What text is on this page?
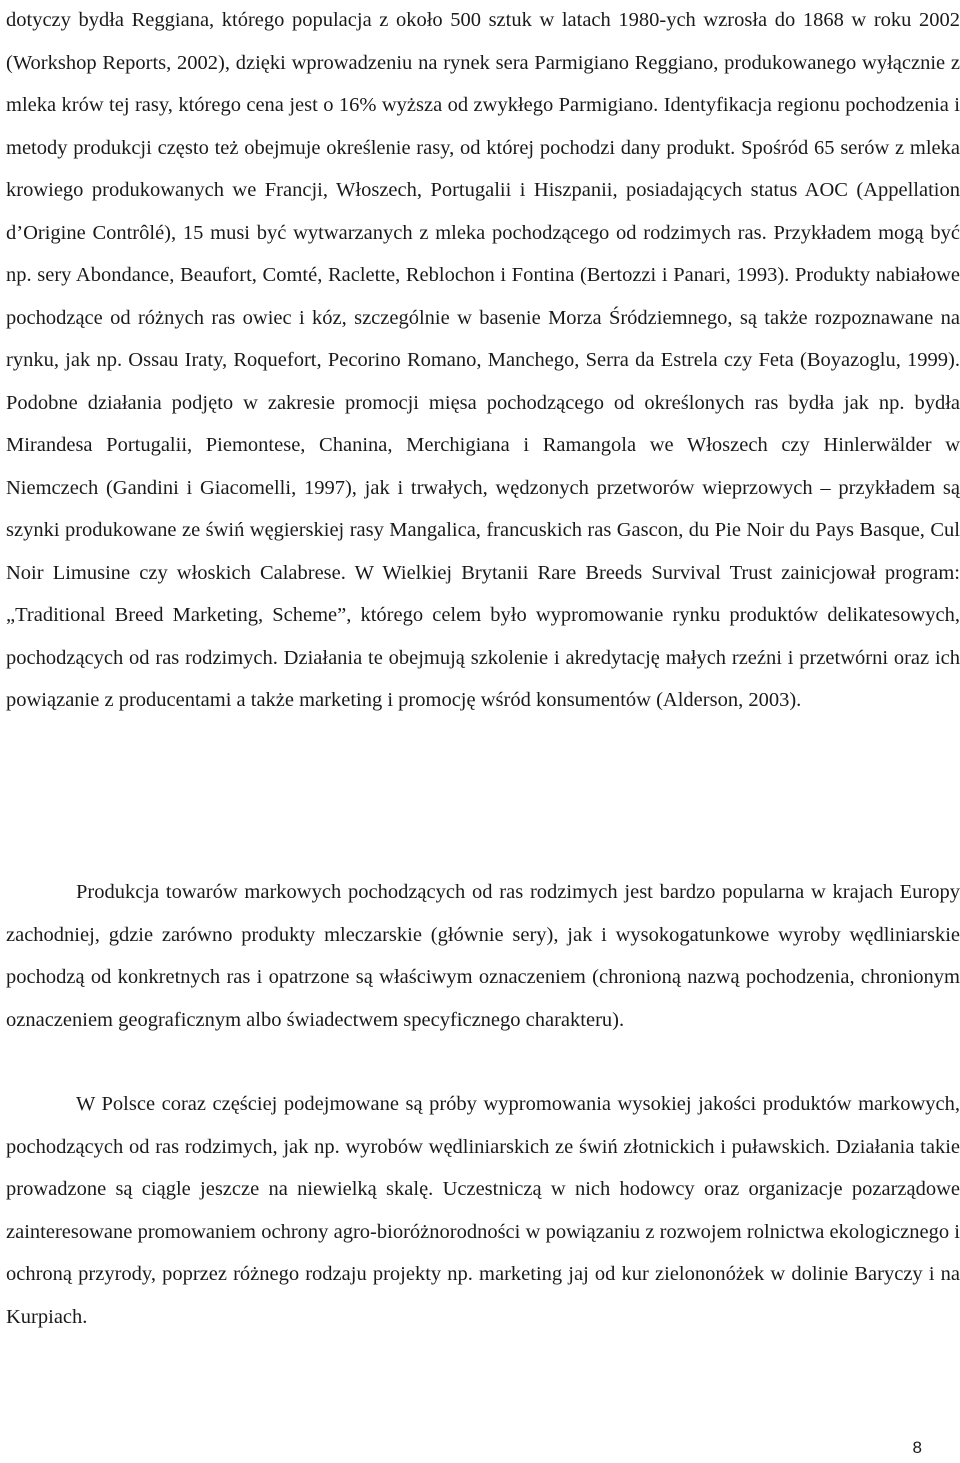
dotyczy bydła Reggiana, którego populacja z około 500 sztuk w latach 1980-ych wzrosła do 1868 w roku 2002 (Workshop Reports, 2002), dzięki wprowadzeniu na rynek sera Parmigiano Reggiano, produkowanego wyłącznie z mleka krów tej rasy, którego cena jest o 16% wyższa od zwykłego Parmigiano. Identyfikacja regionu pochodzenia i metody produkcji często też obejmuje określenie rasy, od której pochodzi dany produkt. Spośród 65 serów z mleka krowiego produkowanych we Francji, Włoszech, Portugalii i Hiszpanii, posiadających status AOC (Appellation d’Origine Contrôlé), 15 musi być wytwarzanych z mleka pochodzącego od rodzimych ras. Przykładem mogą być np. sery Abondance, Beaufort, Comté, Raclette, Reblochon i Fontina (Bertozzi i Panari, 1993). Produkty nabiałowe pochodzące od różnych ras owiec i kóz, szczególnie w basenie Morza Śródziemnego, są także rozpoznawane na rynku, jak np. Ossau Iraty, Roquefort, Pecorino Romano, Manchego, Serra da Estrela czy Feta (Boyazoglu, 1999). Podobne działania podjęto w zakresie promocji mięsa pochodzącego od określonych ras bydła jak np. bydła Mirandesa Portugalii, Piemontese, Chanina, Merchigiana i Ramangola we Włoszech czy Hinlerwälder w Niemczech (Gandini i Giacomelli, 1997), jak i trwałych, wędzonych przetworów wieprzowych – przykładem są szynki produkowane ze świń węgierskiej rasy Mangalica, francuskich ras Gascon, du Pie Noir du Pays Basque, Cul Noir Limusine czy włoskich Calabrese. W Wielkiej Brytanii Rare Breeds Survival Trust zainicjował program: „Traditional Breed Marketing, Scheme”, którego celem było wypromowanie rynku produktów delikatesowych, pochodzących od ras rodzimych. Działania te obejmują szkolenie i akredytację małych rzeźni i przetwórni oraz ich powiązanie z producentami a także marketing i promocję wśród konsumentów (Alderson, 2003).

Produkcja towarów markowych pochodzących od ras rodzimych jest bardzo popularna w krajach Europy zachodniej, gdzie zarówno produkty mleczarskie (głównie sery), jak i wysokogatunkowe wyroby wędliniarskie pochodzą od konkretnych ras i opatrzone są właściwym oznaczeniem (chronioną nazwą pochodzenia, chronionym oznaczeniem geograficznym albo świadectwem specyficznego charakteru).

W Polsce coraz częściej podejmowane są próby wypromowania wysokiej jakości produktów markowych, pochodzących od ras rodzimych, jak np. wyrobów wędliniarskich ze świń złotnickich i puławskich. Działania takie prowadzone są ciągle jeszcze na niewielką skalę. Uczestniczą w nich hodowcy oraz organizacje pozarządowe zainteresowane promowaniem ochrony agro-bioróżnorodności w powiązaniu z rozwojem rolnictwa ekologicznego i ochroną przyrody, poprzez różnego rodzaju projekty np. marketing jaj od kur zielononóżek w dolinie Baryczy i na Kurpiach.

8
